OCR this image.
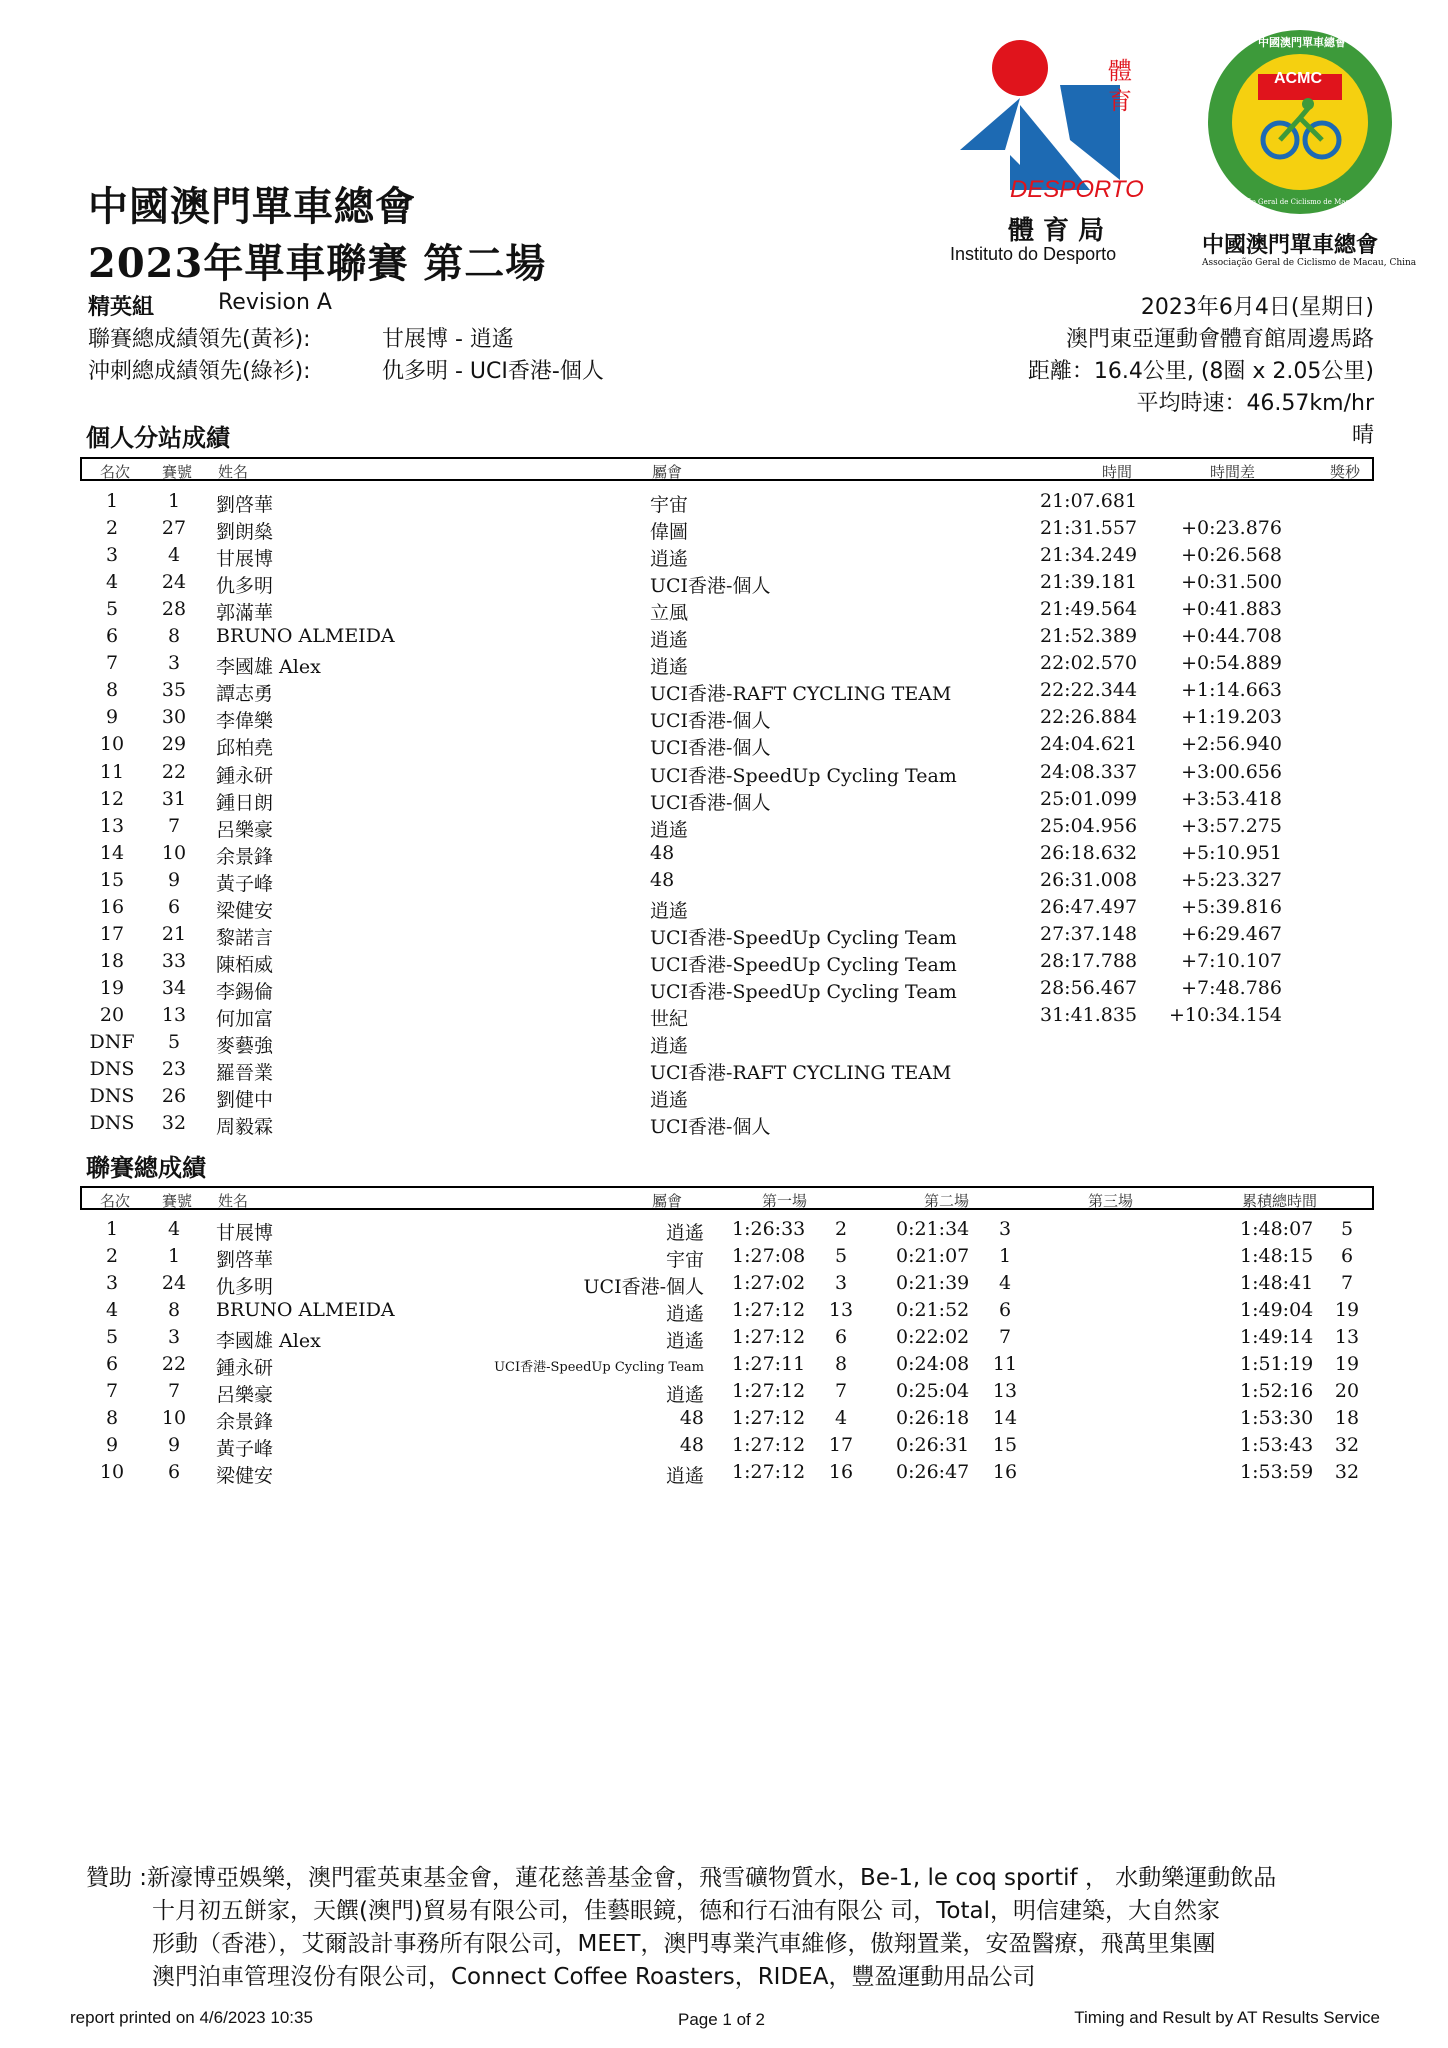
中國澳門單車總會
2023年單車聯賽 第二場
體育
DESPORTO
體 育 局
Instituto do Desporto
ACMC
中國澳門單車總會
Associação Geral de Ciclismo de Macau, China
中國澳門單車總會
Associação Geral de Ciclismo de Macau, China
精英組	Revision A
聯賽總成績領先(黃衫):	甘展博 - 逍遙
沖刺總成績領先(綠衫):	仇多明 - UCI香港-個人
2023年6月4日(星期日)
澳門東亞運動會體育館周邊馬路
距離：16.4公里, (8圈 x 2.05公里)
平均時速：46.57km/hr
晴
個人分站成績
名次 賽號 姓名	屬會	時間	時間差	獎秒
1	1	劉啓華	宇宙	21:07.681
2	27	劉朗燊	偉圖	21:31.557	+0:23.876
3	4	甘展博	逍遙	21:34.249	+0:26.568
4	24	仇多明	UCI香港-個人	21:39.181	+0:31.500
5	28	郭滿華	立風	21:49.564	+0:41.883
6	8	BRUNO ALMEIDA	逍遙	21:52.389	+0:44.708
7	3	李國雄 Alex	逍遙	22:02.570	+0:54.889
8	35	譚志勇	UCI香港-RAFT CYCLING TEAM	22:22.344	+1:14.663
9	30	李偉樂	UCI香港-個人	22:26.884	+1:19.203
10	29	邱柏堯	UCI香港-個人	24:04.621	+2:56.940
11	22	鍾永研	UCI香港-SpeedUp Cycling Team	24:08.337	+3:00.656
12	31	鍾日朗	UCI香港-個人	25:01.099	+3:53.418
13	7	呂樂豪	逍遙	25:04.956	+3:57.275
14	10	余景鋒	48	26:18.632	+5:10.951
15	9	黃子峰	48	26:31.008	+5:23.327
16	6	梁健安	逍遙	26:47.497	+5:39.816
17	21	黎諾言	UCI香港-SpeedUp Cycling Team	27:37.148	+6:29.467
18	33	陳栢威	UCI香港-SpeedUp Cycling Team	28:17.788	+7:10.107
19	34	李錫倫	UCI香港-SpeedUp Cycling Team	28:56.467	+7:48.786
20	13	何加富	世紀	31:41.835	+10:34.154
DNF	5	麥藝強	逍遙
DNS	23	羅晉業	UCI香港-RAFT CYCLING TEAM
DNS	26	劉健中	逍遙
DNS	32	周毅霖	UCI香港-個人
聯賽總成績
名次 賽號 姓名	屬會	第一場	第二場	第三場	累積總時間
1	4	甘展博	逍遙 1:26:33	2	0:21:34	3	1:48:07	5
2	1	劉啓華	宇宙 1:27:08	5	0:21:07	1	1:48:15	6
3	24	仇多明	UCI香港-個人 1:27:02	3	0:21:39	4	1:48:41	7
4	8	BRUNO ALMEIDA	逍遙 1:27:12	13	0:21:52	6	1:49:04	19
5	3	李國雄 Alex	逍遙 1:27:12	6	0:22:02	7	1:49:14	13
6	22	鍾永研	UCI香港-SpeedUp Cycling Team 1:27:11	8	0:24:08	11	1:51:19	19
7	7	呂樂豪	逍遙 1:27:12	7	0:25:04	13	1:52:16	20
8	10	余景鋒	48 1:27:12	4	0:26:18	14	1:53:30	18
9	9	黃子峰	48 1:27:12	17	0:26:31	15	1:53:43	32
10	6	梁健安	逍遙 1:27:12	16	0:26:47	16	1:53:59	32
贊助 :新濠博亞娛樂，澳門霍英東基金會，蓮花慈善基金會，飛雪礦物質水，Be-1, le coq sportif ， 水動樂運動飲品
十月初五餅家，天饌(澳門)貿易有限公司，佳藝眼鏡，德和行石油有限公 司，Total，明信建築，大自然家
形動（香港），艾爾設計事務所有限公司，MEET，澳門專業汽車維修，傲翔置業，安盈醫療，飛萬里集團
澳門泊車管理沒份有限公司，Connect Coffee Roasters，RIDEA，豐盈運動用品公司
report printed on 4/6/2023 10:35	Page 1 of 2	Timing and Result by AT Results Service
